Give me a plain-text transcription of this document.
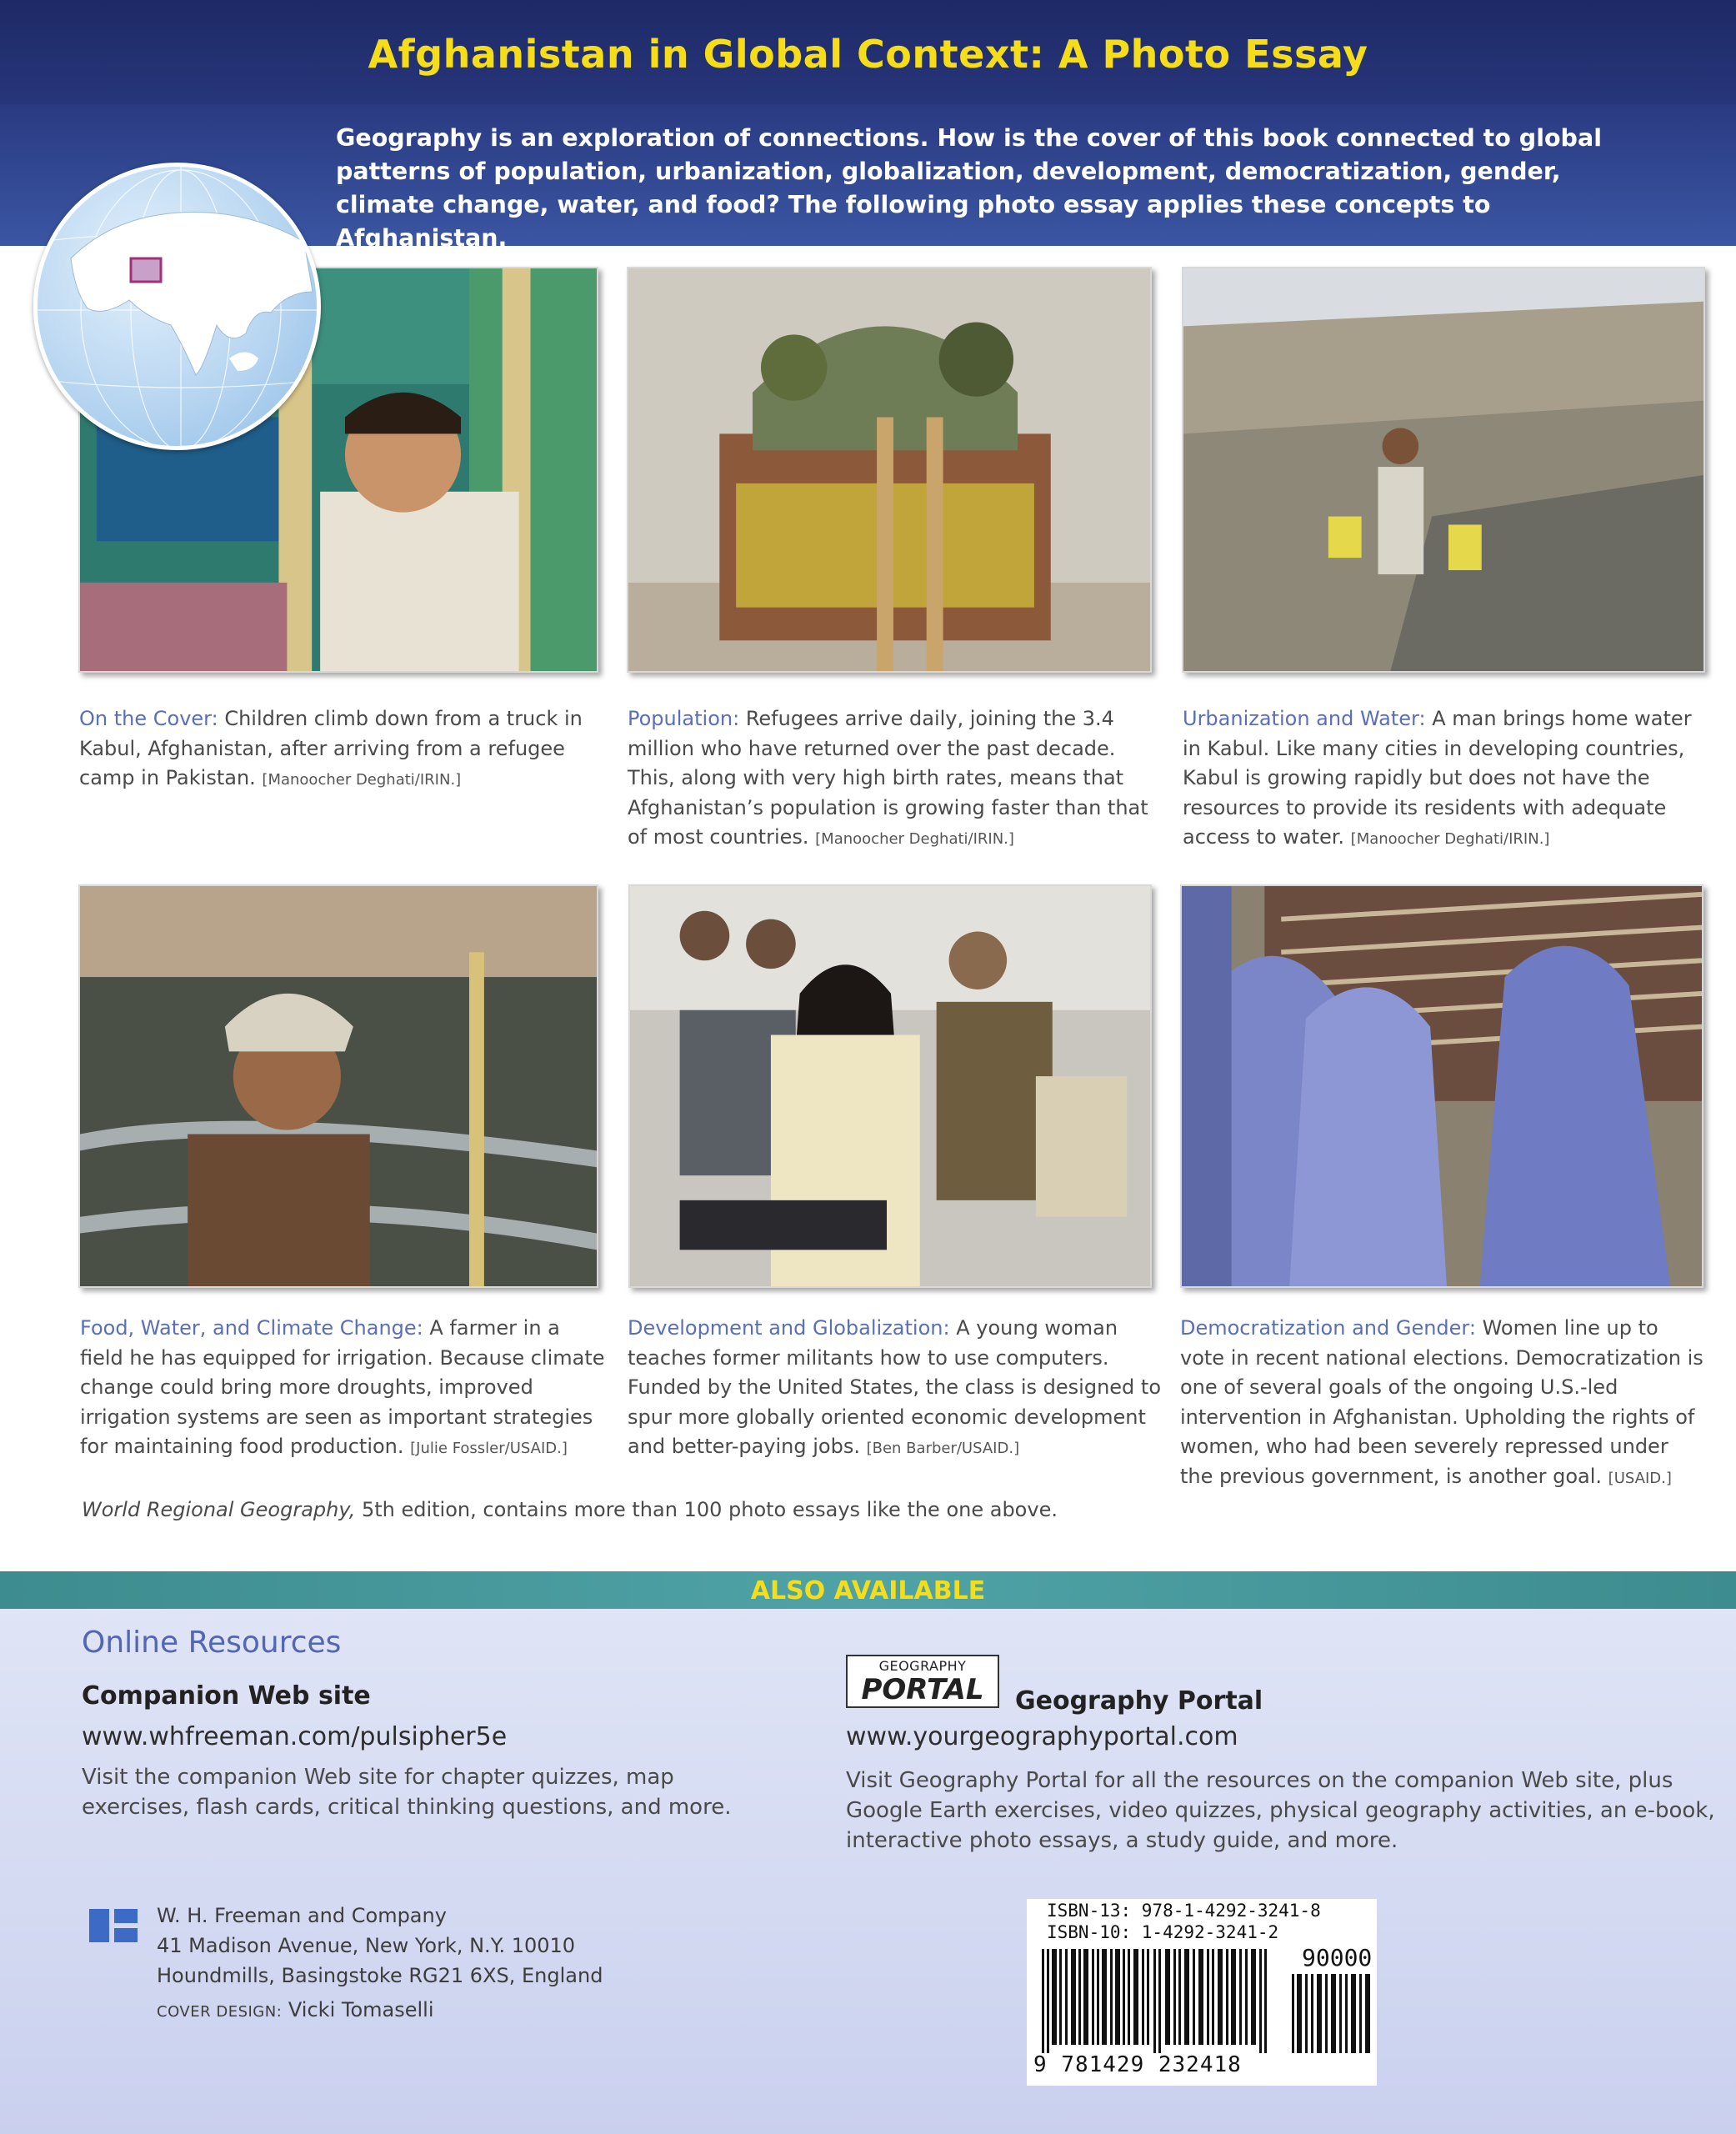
Afghanistan in Global Context: A Photo Essay
Geography is an exploration of connections. How is the cover of this book connected to global patterns of population, urbanization, globalization, development, democratization, gender, climate change, water, and food? The following photo essay applies these concepts to Afghanistan.
On the Cover: Children climb down from a truck in Kabul, Afghanistan, after arriving from a refugee camp in Pakistan. [Manoocher Deghati/IRIN.]
Population: Refugees arrive daily, joining the 3.4 million who have returned over the past decade. This, along with very high birth rates, means that Afghanistan’s population is growing faster than that of most countries. [Manoocher Deghati/IRIN.]
Urbanization and Water: A man brings home water in Kabul. Like many cities in developing countries, Kabul is growing rapidly but does not have the resources to provide its residents with adequate access to water. [Manoocher Deghati/IRIN.]
Food, Water, and Climate Change: A farmer in a field he has equipped for irrigation. Because climate change could bring more droughts, improved irrigation systems are seen as important strategies for maintaining food production. [Julie Fossler/USAID.]
Development and Globalization: A young woman teaches former militants how to use computers. Funded by the United States, the class is designed to spur more globally oriented economic development and better-paying jobs. [Ben Barber/USAID.]
Democratization and Gender: Women line up to vote in recent national elections. Democratization is one of several goals of the ongoing U.S.-led intervention in Afghanistan. Upholding the rights of women, who had been severely repressed under the previous government, is another goal. [USAID.]
World Regional Geography, 5th edition, contains more than 100 photo essays like the one above.
ALSO AVAILABLE
Online Resources
Companion Web site
www.whfreeman.com/pulsipher5e
Visit the companion Web site for chapter quizzes, map
exercises, flash cards, critical thinking questions, and more.
GEOGRAPHY
PORTAL	Geography Portal
www.yourgeographyportal.com
Visit Geography Portal for all the resources on the companion Web site, plus
Google Earth exercises, video quizzes, physical geography activities, an e-book,
interactive photo essays, a study guide, and more.
W. H. Freeman and Company
41 Madison Avenue, New York, N.Y. 10010
Houndmills, Basingstoke RG21 6XS, England
COVER DESIGN: Vicki Tomaselli
ISBN-13: 978-1-4292-3241-8
ISBN-10: 1-4292-3241-2
90000
9 781429 232418
